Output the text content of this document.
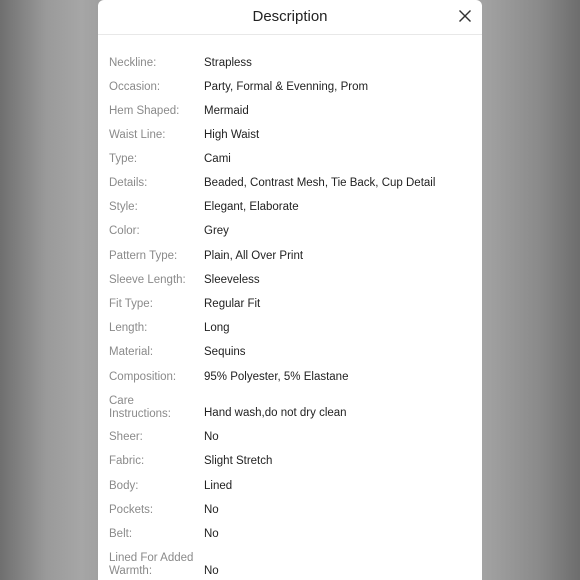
Description
Neckline:	Strapless
Occasion:	Party, Formal & Evenning, Prom
Hem Shaped:	Mermaid
Waist Line:	High Waist
Type:	Cami
Details:	Beaded, Contrast Mesh, Tie Back, Cup Detail
Style:	Elegant, Elaborate
Color:	Grey
Pattern Type:	Plain, All Over Print
Sleeve Length:	Sleeveless
Fit Type:	Regular Fit
Length:	Long
Material:	Sequins
Composition:	95% Polyester, 5% Elastane
Care Instructions:	Hand wash,do not dry clean
Sheer:	No
Fabric:	Slight Stretch
Body:	Lined
Pockets:	No
Belt:	No
Lined For Added Warmth:	No
